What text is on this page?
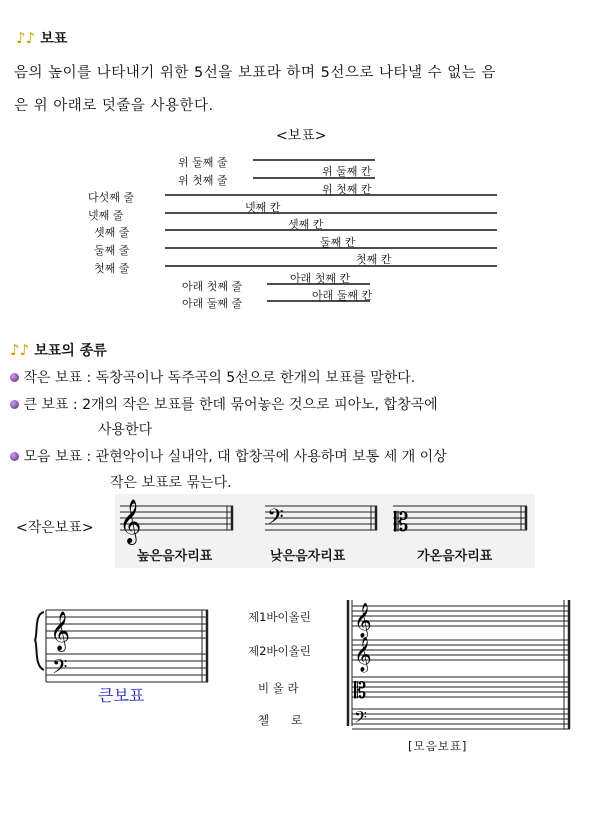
♪♪ 보표
음의 높이를 나타내기 위한 5선을 보표라 하며 5선으로 나타낼 수 없는 음
은 위 아래로 덧줄을 사용한다.
<보표>
위 둘째 줄
위 첫째 줄
다섯째 줄
넷째 줄
셋째 줄
둘째 줄
첫째 줄
아래 첫째 줄
아래 둘째 줄
위 둘째 칸
위 첫째 칸
넷째 칸
셋째 칸
둘째 칸
첫째 칸
아래 첫째 칸
아래 둘째 칸
♪♪ 보표의 종류
작은 보표 : 독창곡이나 독주곡의 5선으로 한개의 보표를 말한다.
큰 보표 : 2개의 작은 보표를 한데 묶어놓은 것으로 피아노, 합창곡에
사용한다
모음 보표 : 관현악이나 실내악, 대 합창곡에 사용하며 보통 세 개 이상
작은 보표로 묶는다.
<작은보표> 𝄞	𝄢	𝄡
높은음자리표	낮은음자리표	가온음자리표
𝄞
𝄢
큰보표
제1바이올린
제2바이올린
비 올 라
첼      로
𝄞
𝄞
𝄡
𝄢
[모음보표]
